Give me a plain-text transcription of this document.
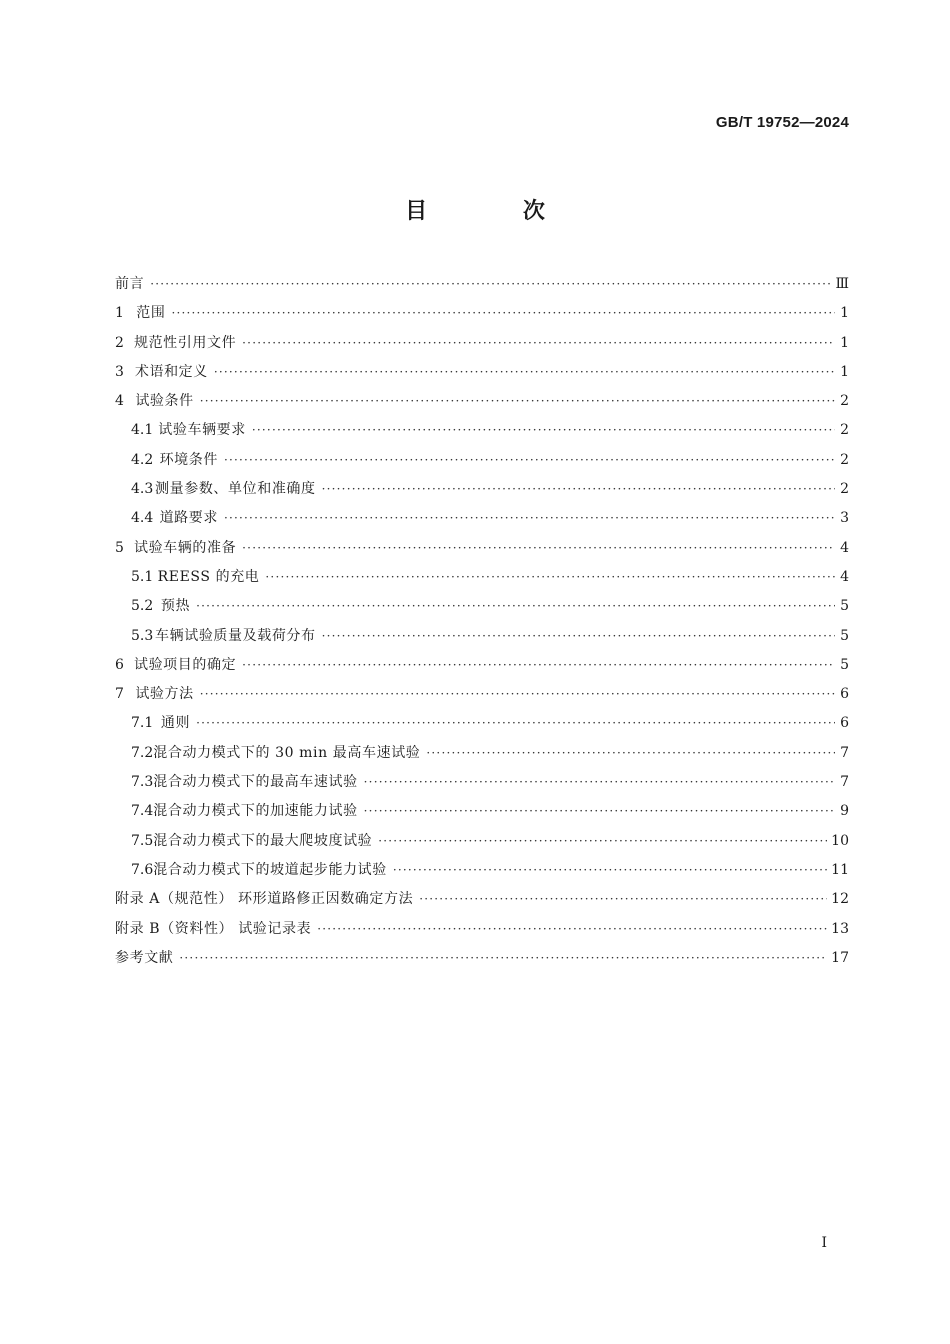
GB/T 19752—2024
目 次
前言 ·····	Ⅲ
1 范围 ·····	1
2 规范性引用文件 ·····	1
3 术语和定义 ·····	1
4 试验条件 ·····	2
4.1 试验车辆要求 ·····	2
4.2 环境条件 ·····	2
4.3 测量参数、单位和准确度 ·····	2
4.4 道路要求 ·····	3
5 试验车辆的准备 ·····	4
5.1 REESS 的充电 ·····	4
5.2 预热 ·····	5
5.3 车辆试验质量及载荷分布 ·····	5
6 试验项目的确定 ·····	5
7 试验方法 ·····	6
7.1 通则 ·····	6
7.2 混合动力模式下的 30 min 最高车速试验 ·····	7
7.3 混合动力模式下的最高车速试验 ·····	7
7.4 混合动力模式下的加速能力试验 ·····	9
7.5 混合动力模式下的最大爬坡度试验 ·····	10
7.6 混合动力模式下的坡道起步能力试验 ·····	11
附录 A（规范性） 环形道路修正因数确定方法 ·····	12
附录 B（资料性） 试验记录表 ·····	13
参考文献 ·····	17
I
